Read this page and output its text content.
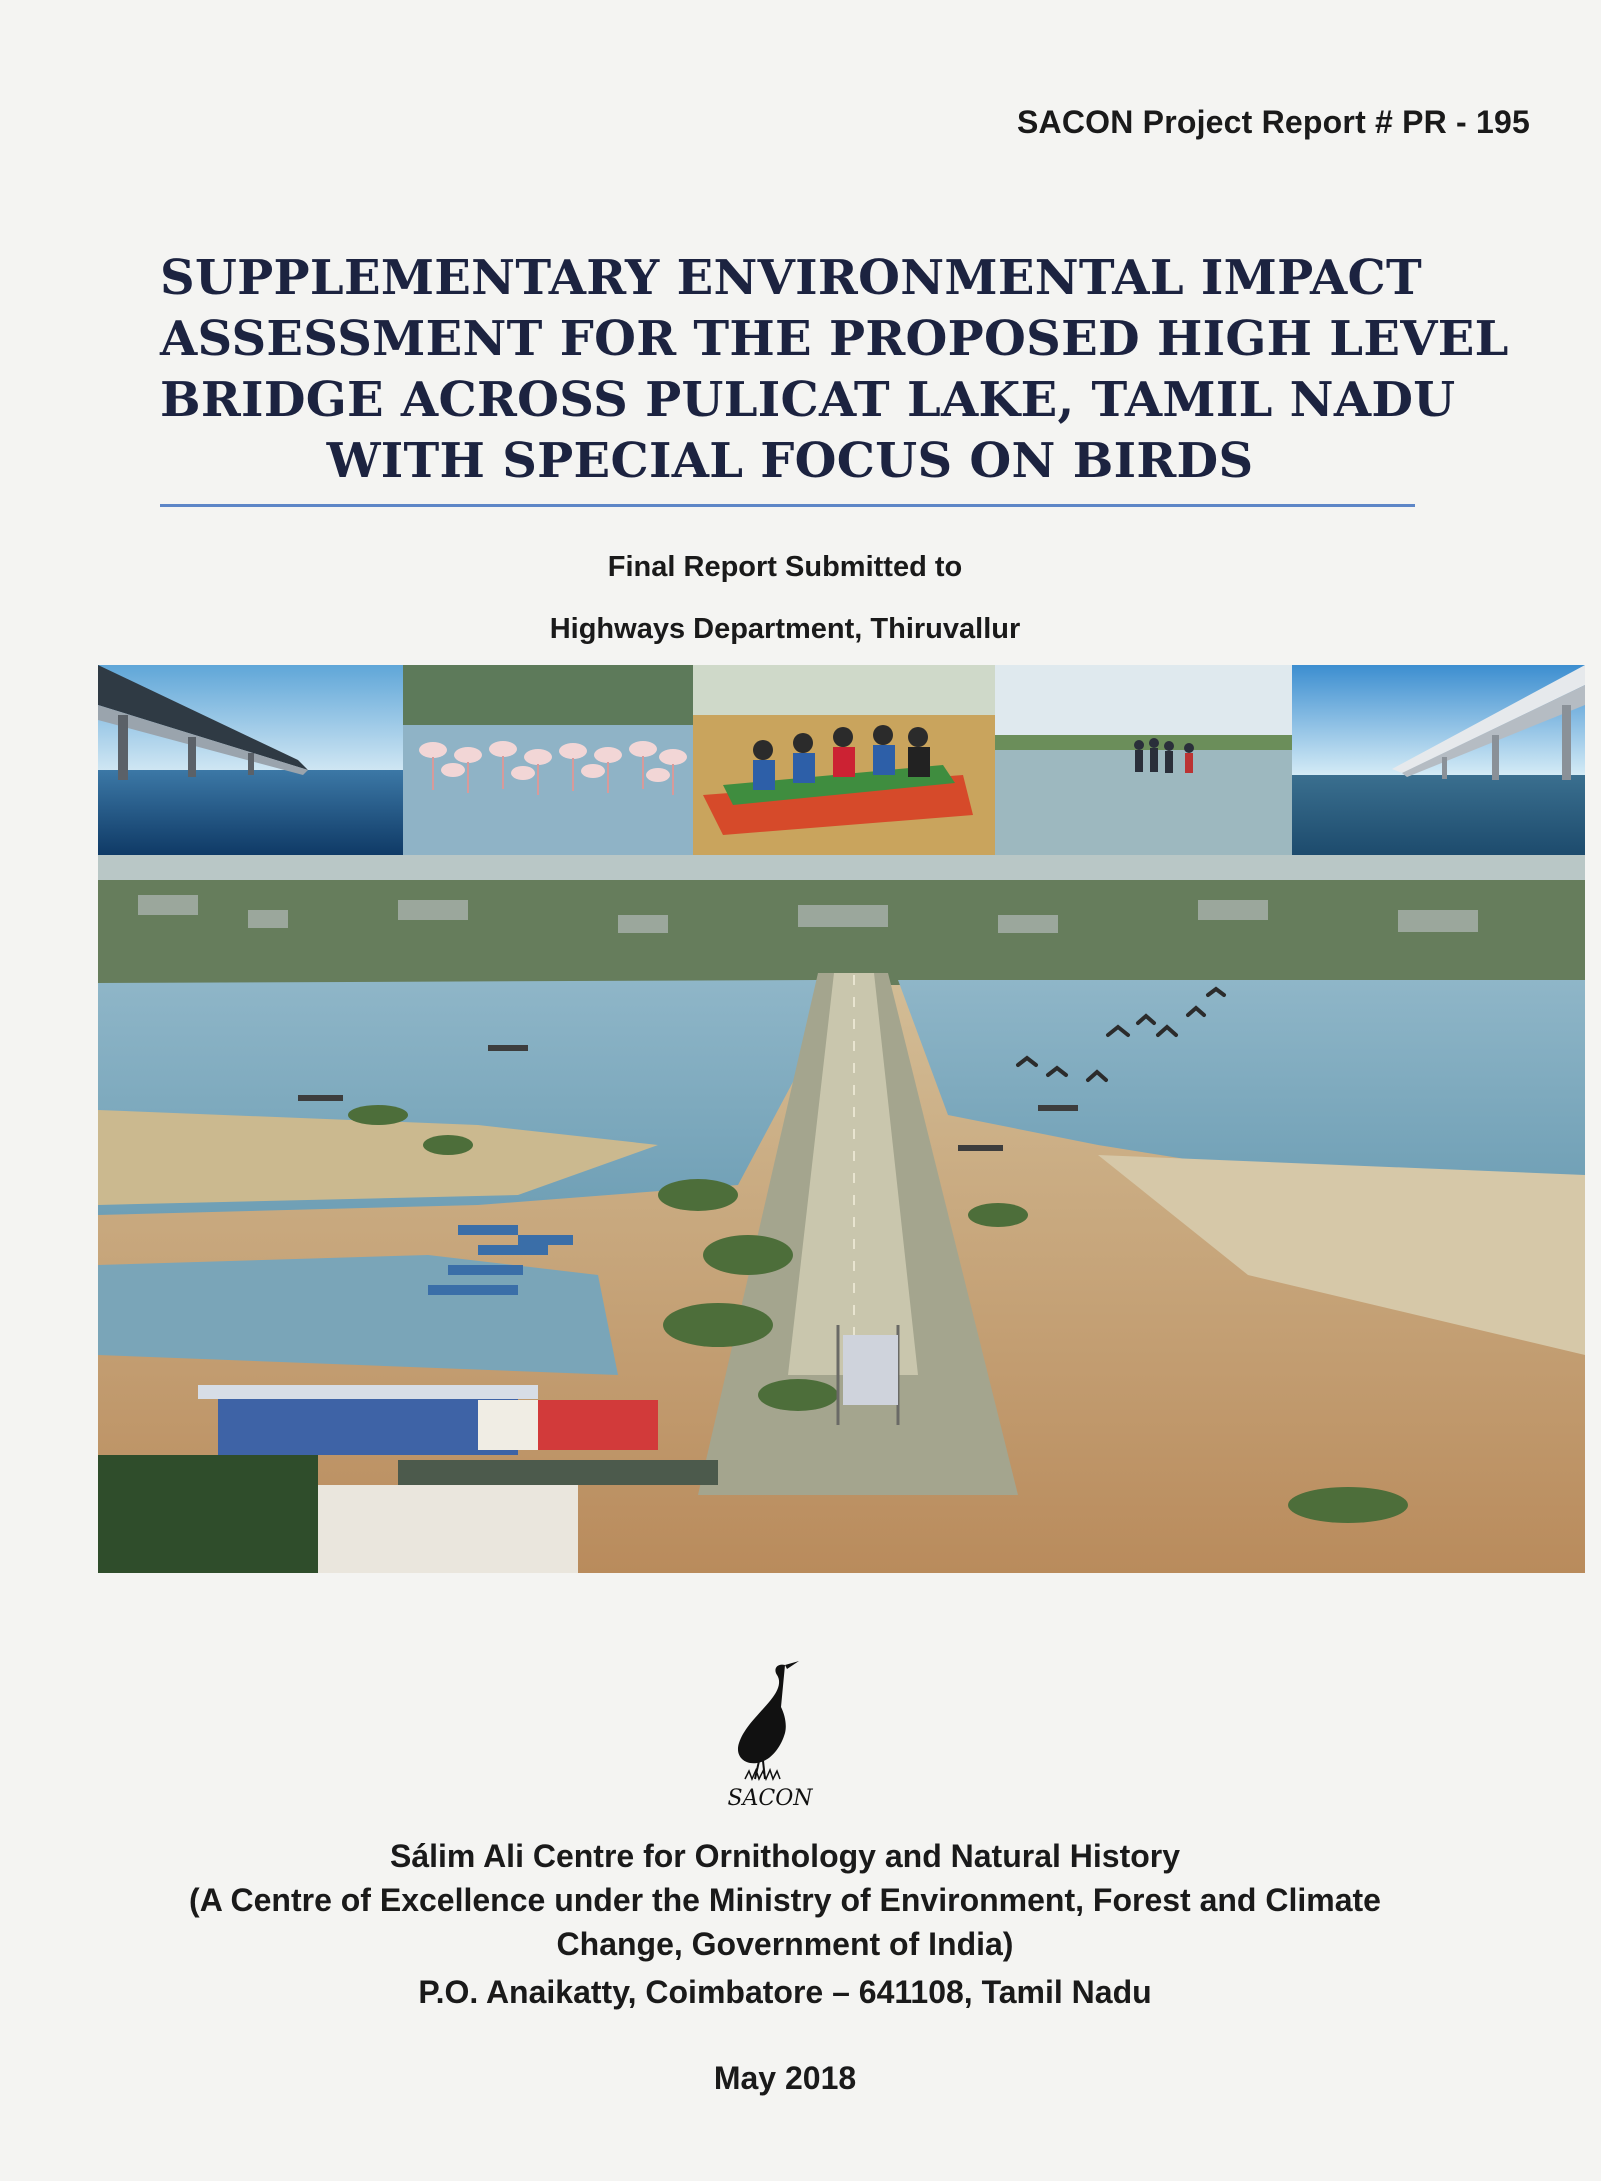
SACON Project Report # PR - 195
SUPPLEMENTARY ENVIRONMENTAL IMPACT
ASSESSMENT FOR THE PROPOSED HIGH LEVEL
BRIDGE ACROSS PULICAT LAKE, TAMIL NADU
WITH SPECIAL FOCUS ON BIRDS
Final Report Submitted to
Highways Department, Thiruvallur
SACON
Sálim Ali Centre for Ornithology and Natural History
(A Centre of Excellence under the Ministry of Environment, Forest and Climate
Change, Government of India)
P.O. Anaikatty, Coimbatore – 641108, Tamil Nadu
May 2018
